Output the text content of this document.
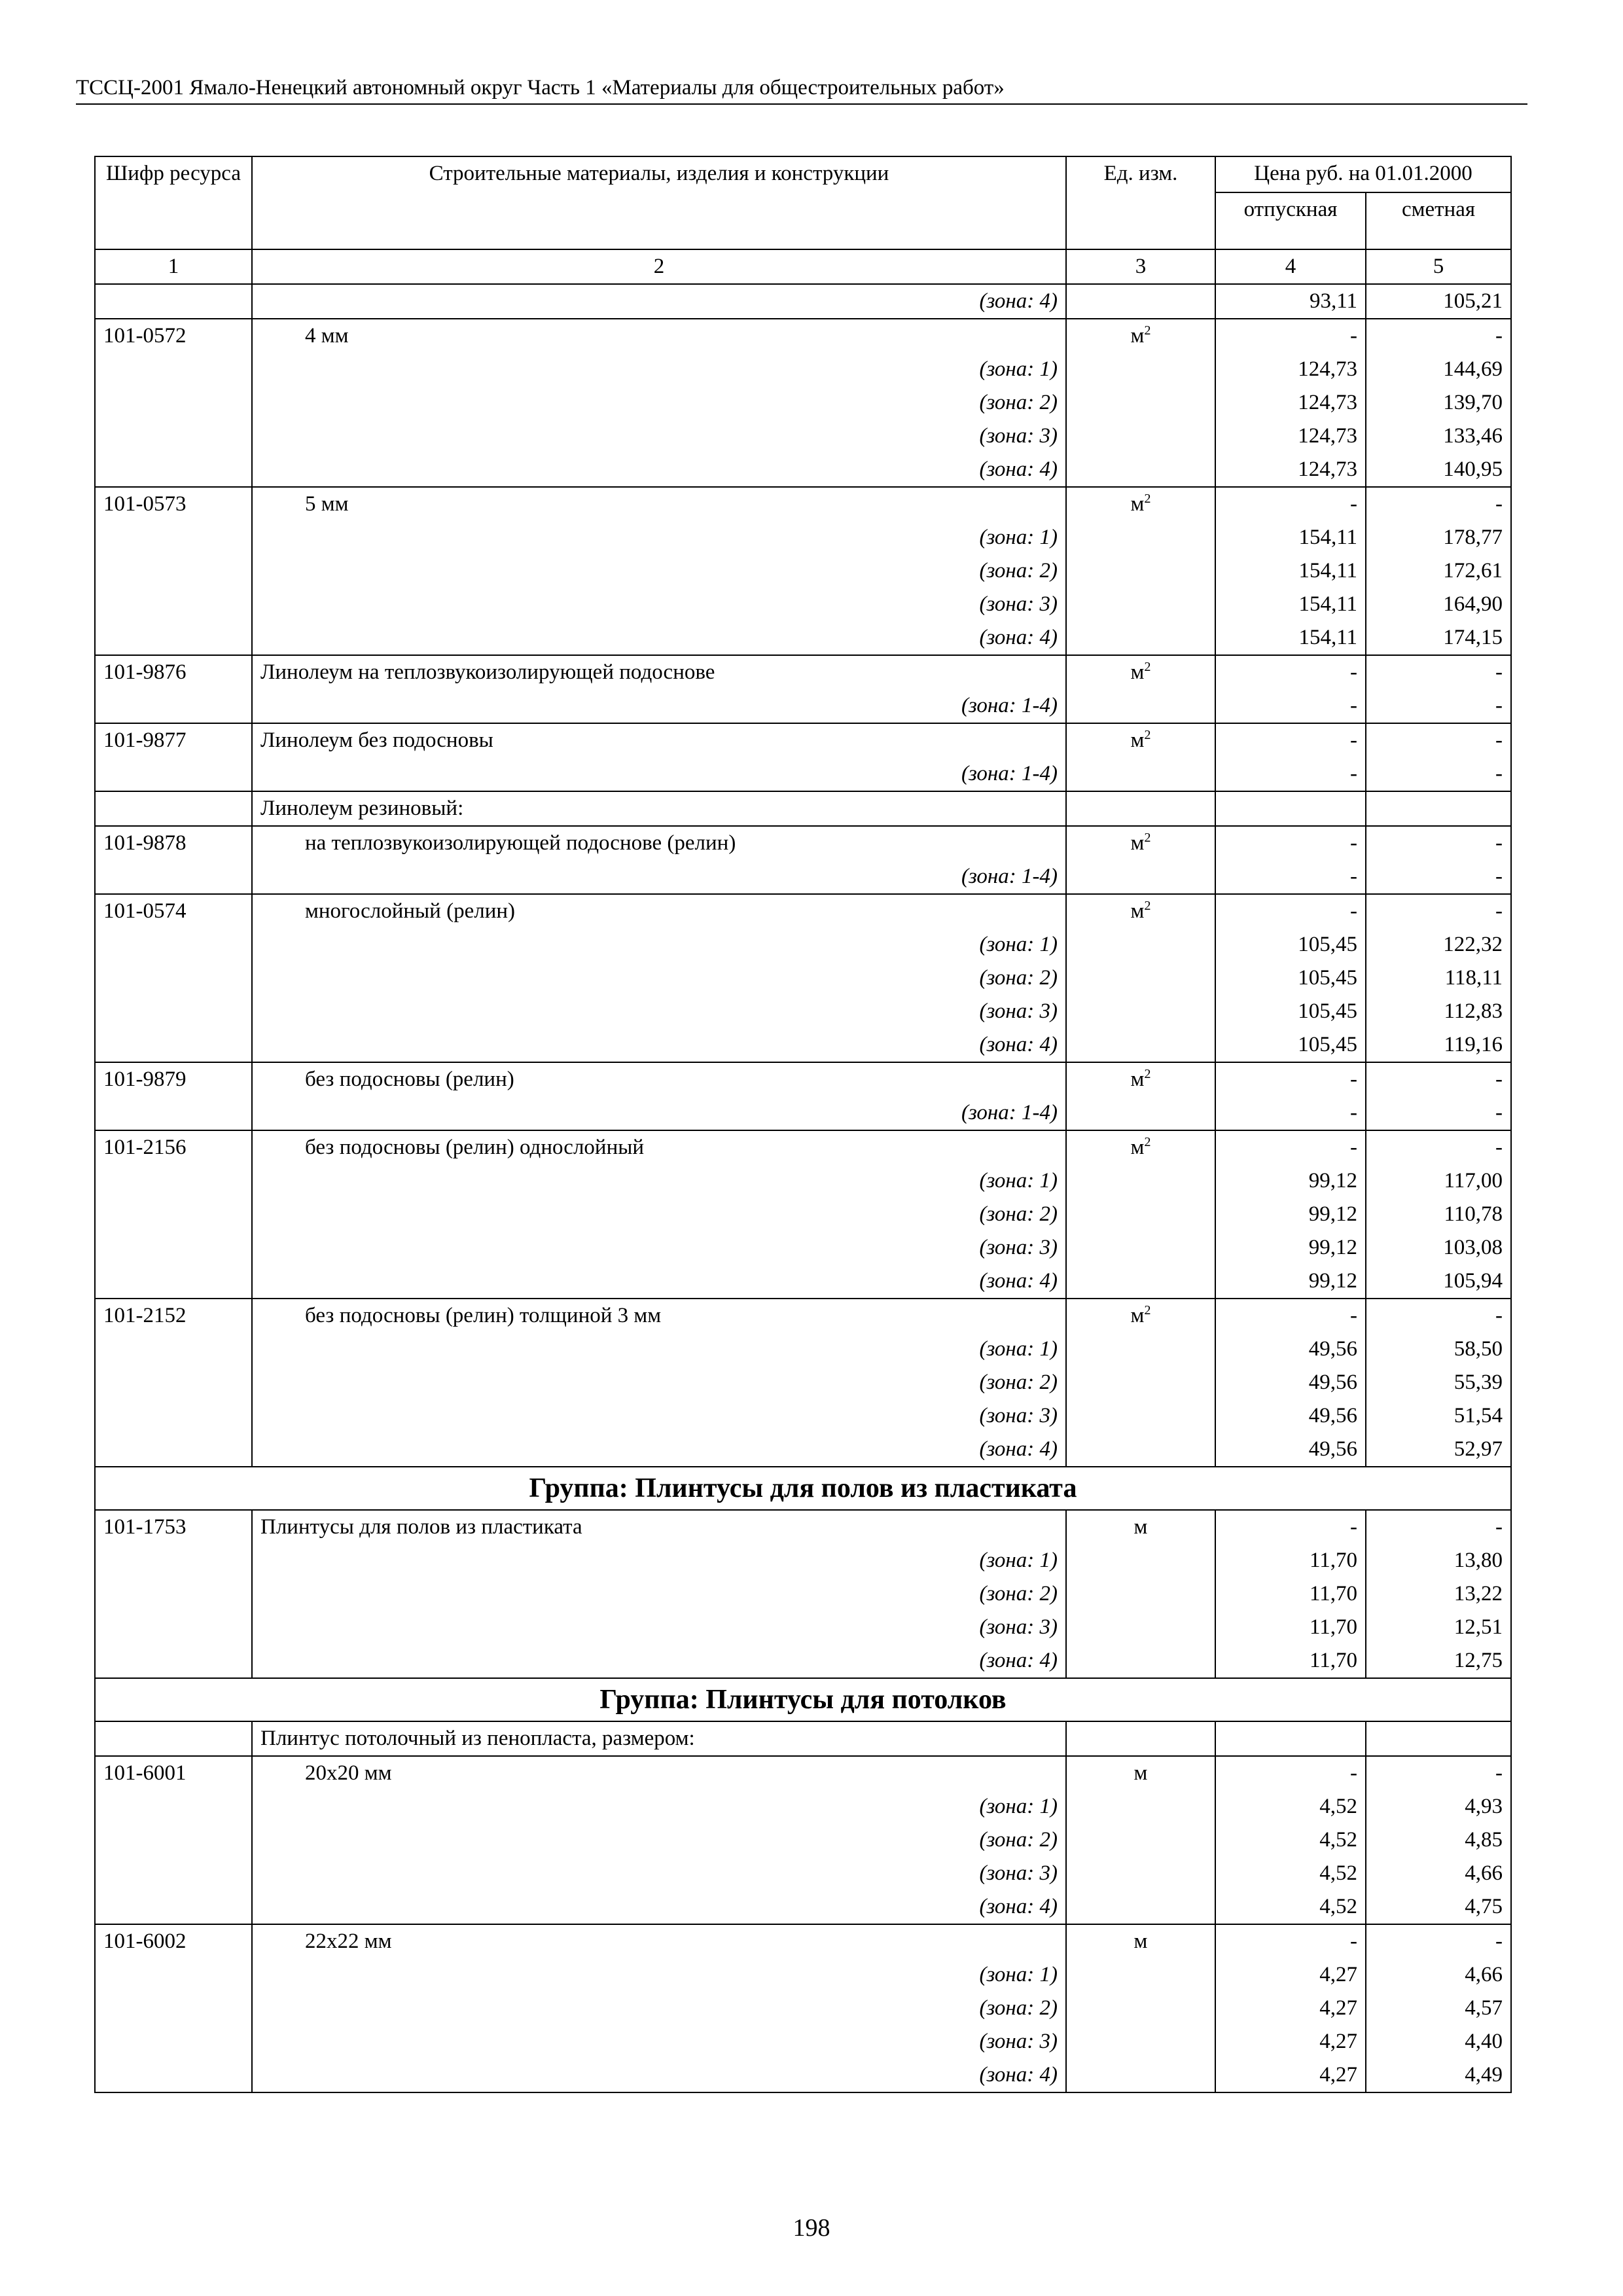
ТССЦ-2001 Ямало-Ненецкий автономный округ Часть 1 «Материалы для общестроительных работ»
Шифр ресурса	Строительные материалы, изделия и конструкции	Ед. изм.	Цена руб. на 01.01.2000	
			отпускная	сметная
1	2	3	4	5
	(зона: 4)		93,11	105,21
101-0572	4 мм	$м^2$	-	-
	(зона: 1)		124,73	144,69
	(зона: 2)		124,73	139,70
	(зона: 3)		124,73	133,46
	(зона: 4)		124,73	140,95
101-0573	5 мм	$м^2$	-	-
	(зона: 1)		154,11	178,77
	(зона: 2)		154,11	172,61
	(зона: 3)		154,11	164,90
	(зона: 4)		154,11	174,15
101-9876	Линолеум на теплозвукоизолирующей подоснове	$м^2$	-	-
	(зона: 1-4)		-	-
101-9877	Линолеум без подосновы	$м^2$	-	-
	(зона: 1-4)		-	-
	Линолеум резиновый:			
101-9878	на теплозвукоизолирующей подоснове (релин)	$м^2$	-	-
	(зона: 1-4)		-	-
101-0574	многослойный (релин)	$м^2$	-	-
	(зона: 1)		105,45	122,32
	(зона: 2)		105,45	118,11
	(зона: 3)		105,45	112,83
	(зона: 4)		105,45	119,16
101-9879	без подосновы (релин)	$м^2$	-	-
	(зона: 1-4)		-	-
101-2156	без подосновы (релин) однослойный	$м^2$	-	-
	(зона: 1)		99,12	117,00
	(зона: 2)		99,12	110,78
	(зона: 3)		99,12	103,08
	(зона: 4)		99,12	105,94
101-2152	без подосновы (релин) толщиной 3 мм	$м^2$	-	-
	(зона: 1)		49,56	58,50
	(зона: 2)		49,56	55,39
	(зона: 3)		49,56	51,54
	(зона: 4)		49,56	52,97
Группа: Плинтусы для полов из пластиката				
101-1753	Плинтусы для полов из пластиката	м	-	-
	(зона: 1)		11,70	13,80
	(зона: 2)		11,70	13,22
	(зона: 3)		11,70	12,51
	(зона: 4)		11,70	12,75
Группа: Плинтусы для потолков				
	Плинтус потолочный из пенопласта, размером:			
101-6001	20х20 мм	м	-	-
	(зона: 1)		4,52	4,93
	(зона: 2)		4,52	4,85
	(зона: 3)		4,52	4,66
	(зона: 4)		4,52	4,75
101-6002	22х22 мм	м	-	-
	(зона: 1)		4,27	4,66
	(зона: 2)		4,27	4,57
	(зона: 3)		4,27	4,40
	(зона: 4)		4,27	4,49
198
